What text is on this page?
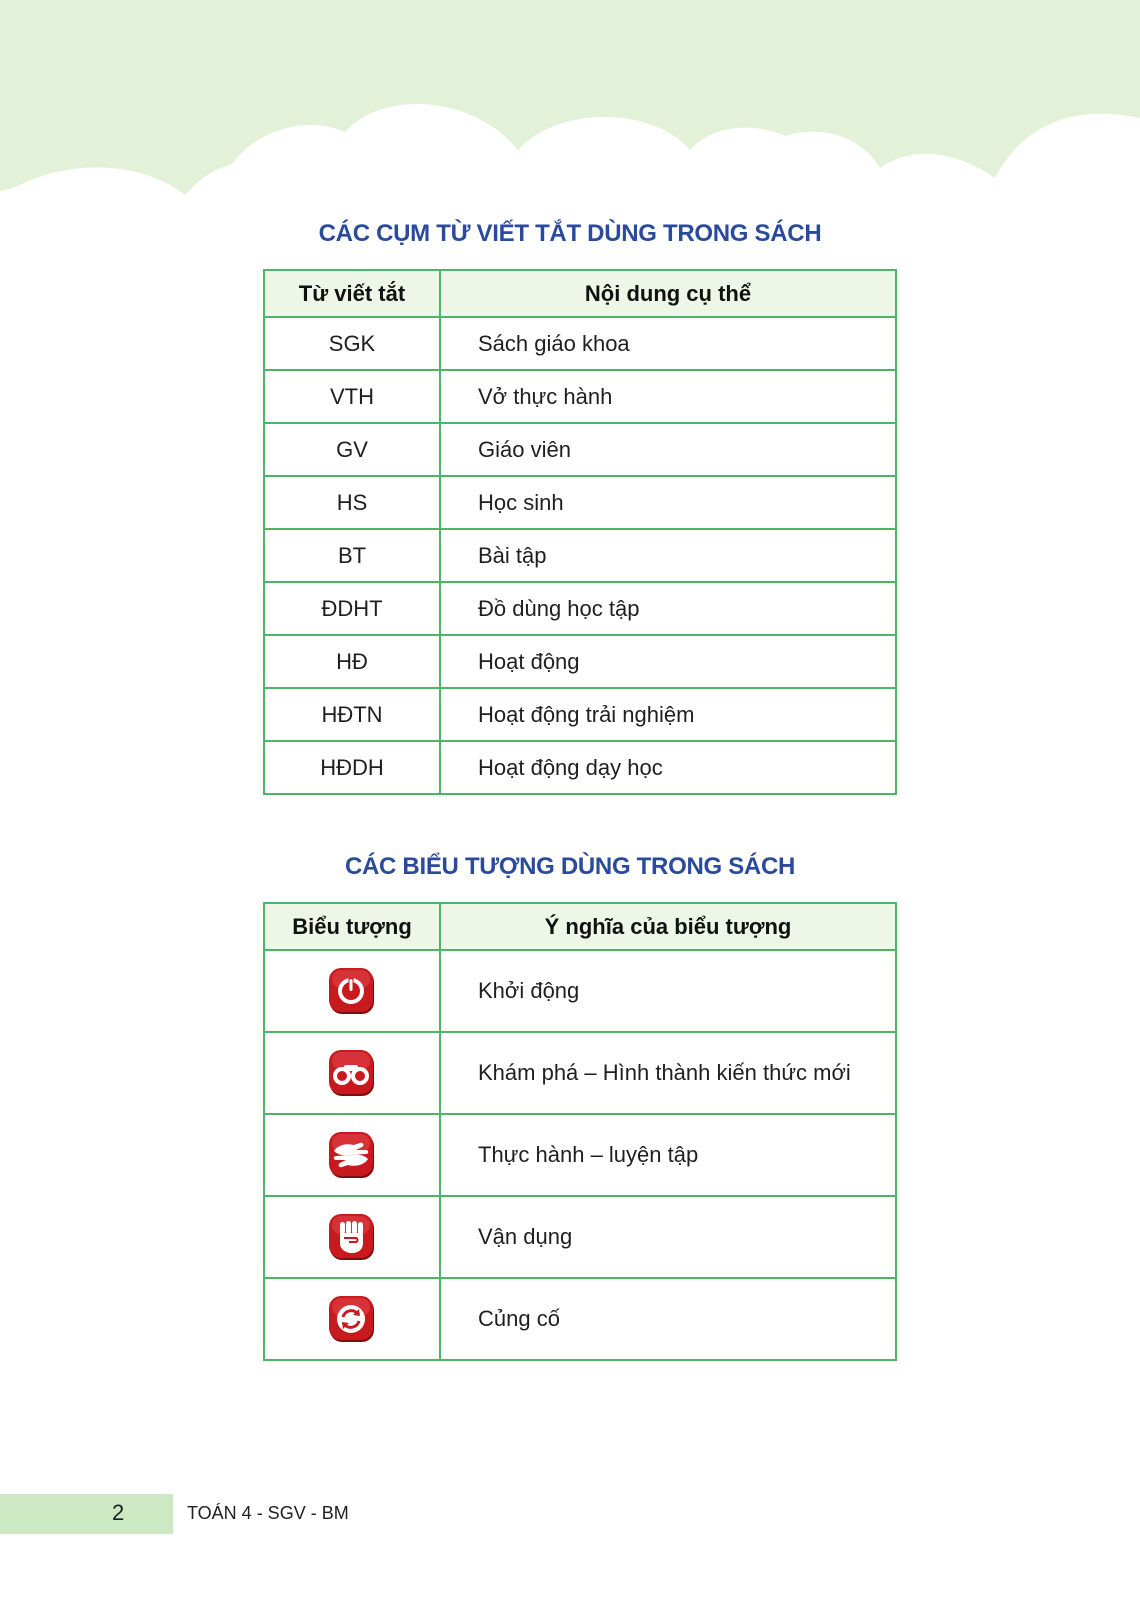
CÁC CỤM TỪ VIẾT TẮT DÙNG TRONG SÁCH
Từ viết tắt	Nội dung cụ thể
SGK	Sách giáo khoa
VTH	Vở thực hành
GV	Giáo viên
HS	Học sinh
BT	Bài tập
ĐDHT	Đồ dùng học tập
HĐ	Hoạt động
HĐTN	Hoạt động trải nghiệm
HĐDH	Hoạt động dạy học
CÁC BIỂU TƯỢNG DÙNG TRONG SÁCH
Biểu tượng	Ý nghĩa của biểu tượng
	Khởi động
	Khám phá – Hình thành kiến thức mới
	Thực hành – luyện tập
	Vận dụng
	Củng cố
2	TOÁN 4 - SGV - BM
